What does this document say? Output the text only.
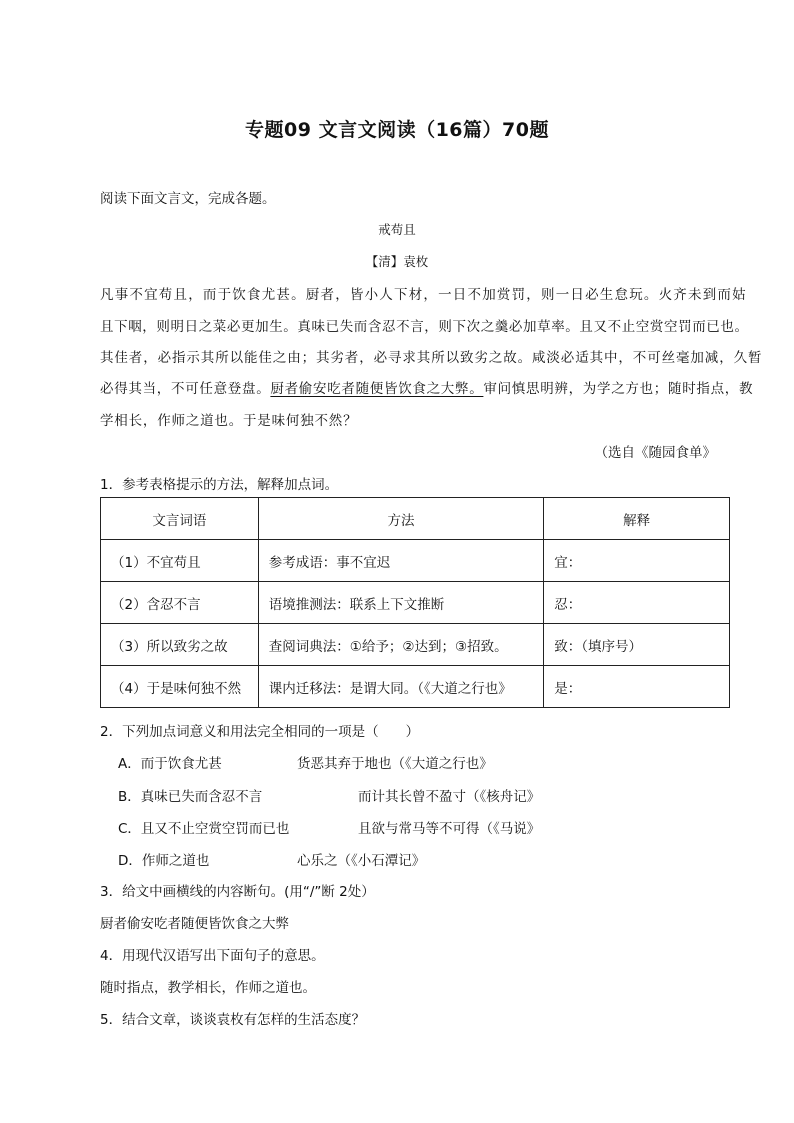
专题09 文言文阅读（16篇）70题
阅读下面文言文，完成各题。
戒苟且
【清】袁枚
凡事不宜苟且，而于饮食尤甚。厨者，皆小人下材，一日不加赏罚，则一日必生怠玩。火齐未到而姑
且下咽，则明日之菜必更加生。真味已失而含忍不言，则下次之羹必加草率。且又不止空赏空罚而已也。
其佳者，必指示其所以能佳之由；其劣者，必寻求其所以致劣之故。咸淡必适其中，不可丝毫加减，久暂
必得其当，不可任意登盘。 厨者偷安吃者随便皆饮食之大弊。 审问慎思明辨，为学之方也；随时指点，教
学相长，作师之道也。于是味何独不然？
（选自《随园食单》
1．参考表格提示的方法，解释加点词。
文言词语	方法	解释
（1）不宜苟且	参考成语：事不宜迟	宜：
（2）含忍不言	语境推测法：联系上下文推断	忍：
（3）所以致劣之故	查阅词典法：①给予；②达到；③招致。	致：（填序号）
（4）于是味何独不然	课内迁移法：是谓大同。（《大道之行也》	是：
2．下列加点词意义和用法完全相同的一项是（　　）
A．而于饮食尤甚	货恶其弃于地也（《大道之行也》
B．真味已失而含忍不言	而计其长曾不盈寸（《核舟记》
C．且又不止空赏空罚而已也	且欲与常马等不可得（《马说》
D．作师之道也	心乐之（《小石潭记》
3．给文中画横线的内容断句。(用“/”断 2处）
厨者偷安吃者随便皆饮食之大弊
4．用现代汉语写出下面句子的意思。
随时指点，教学相长，作师之道也。
5．结合文章，谈谈袁枚有怎样的生活态度？
